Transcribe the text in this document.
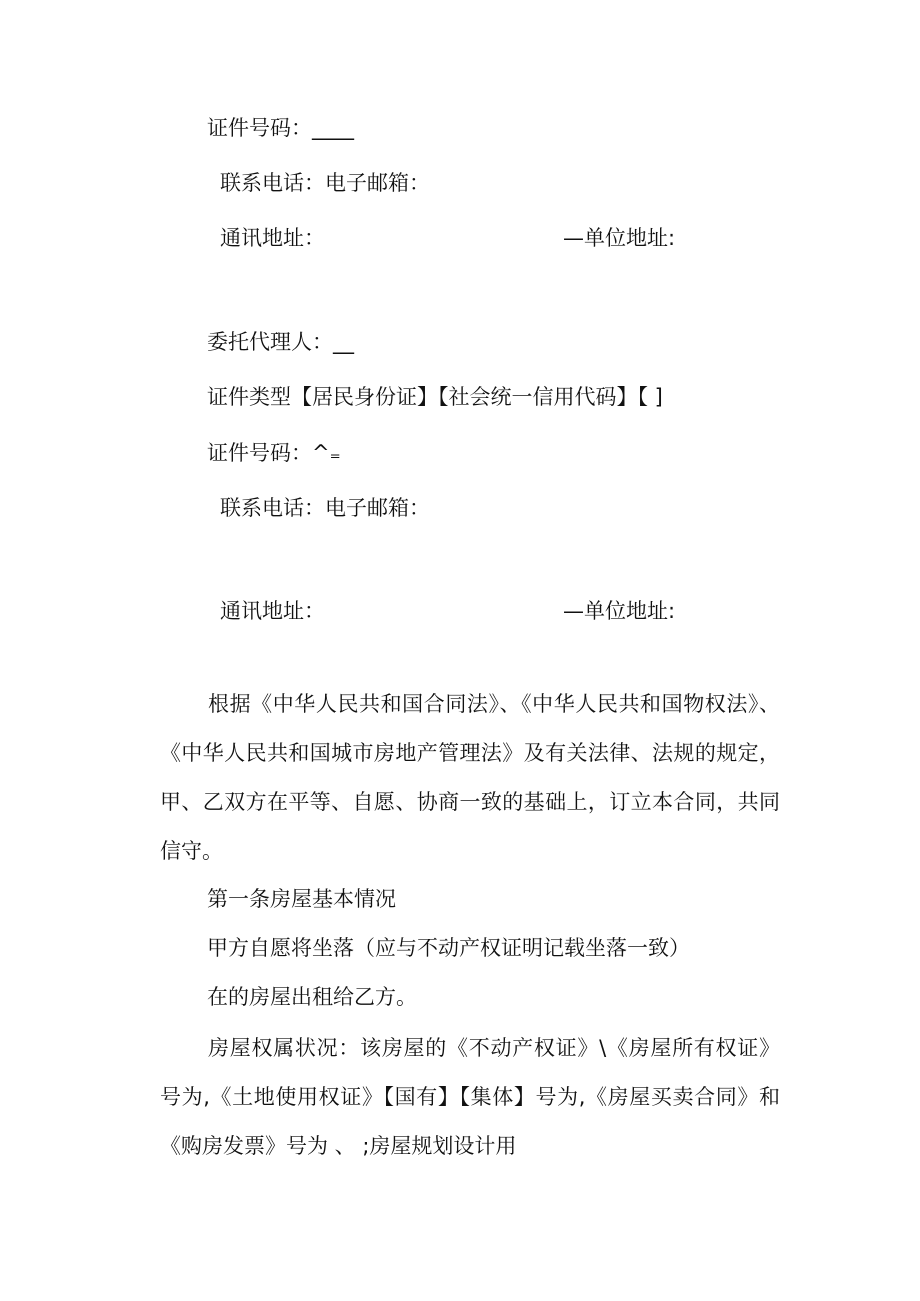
证件号码：____
联系电话：电子邮箱：
通讯地址：	—单位地址:
委托代理人：__
证件类型【居民身份证】【社会统一信用代码】【 ]
证件号码：^₌
联系电话：电子邮箱：
通讯地址：	—单位地址:
根据《中华人民共和国合同法》、《中华人民共和国物权法》、《中华人民共和国城市房地产管理法》及有关法律、法规的规定，甲、乙双方在平等、自愿、协商一致的基础上，订立本合同，共同信守。
第一条房屋基本情况
甲方自愿将坐落（应与不动产权证明记载坐落一致）
在的房屋出租给乙方。
房屋权属状况：该房屋的《不动产权证》\《房屋所有权证》号为,《土地使用权证》【国有】【集体】号为,《房屋买卖合同》和《购房发票》号为 、 ;房屋规划设计用
